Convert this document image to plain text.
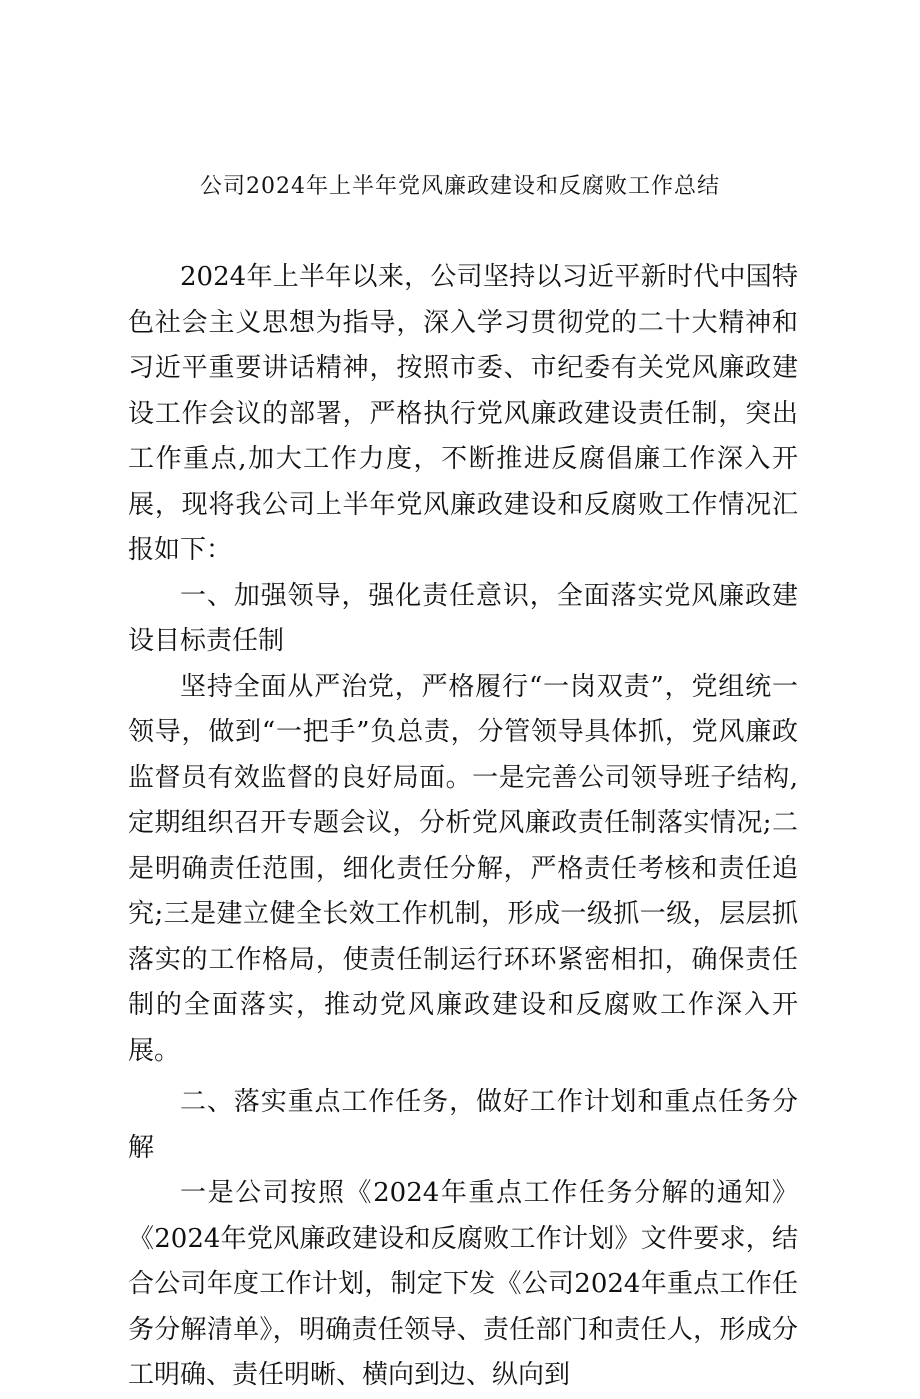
公司2024年上半年党风廉政建设和反腐败工作总结

2024年上半年以来，公司坚持以习近平新时代中国特色社会主义思想为指导，深入学习贯彻党的二十大精神和习近平重要讲话精神，按照市委、市纪委有关党风廉政建设工作会议的部署，严格执行党风廉政建设责任制，突出工作重点,加大工作力度，不断推进反腐倡廉工作深入开展，现将我公司上半年党风廉政建设和反腐败工作情况汇报如下：

一、加强领导，强化责任意识，全面落实党风廉政建设目标责任制

坚持全面从严治党，严格履行“一岗双责”，党组统一领导，做到“一把手”负总责，分管领导具体抓，党风廉政监督员有效监督的良好局面。一是完善公司领导班子结构,定期组织召开专题会议，分析党风廉政责任制落实情况;二是明确责任范围，细化责任分解，严格责任考核和责任追究;三是建立健全长效工作机制，形成一级抓一级，层层抓落实的工作格局，使责任制运行环环紧密相扣，确保责任制的全面落实，推动党风廉政建设和反腐败工作深入开展。

二、落实重点工作任务，做好工作计划和重点任务分解

一是公司按照《2024年重点工作任务分解的通知》《2024年党风廉政建设和反腐败工作计划》文件要求，结合公司年度工作计划，制定下发《公司2024年重点工作任务分解清单》，明确责任领导、责任部门和责任人，形成分工明确、责任明晰、横向到边、纵向到
